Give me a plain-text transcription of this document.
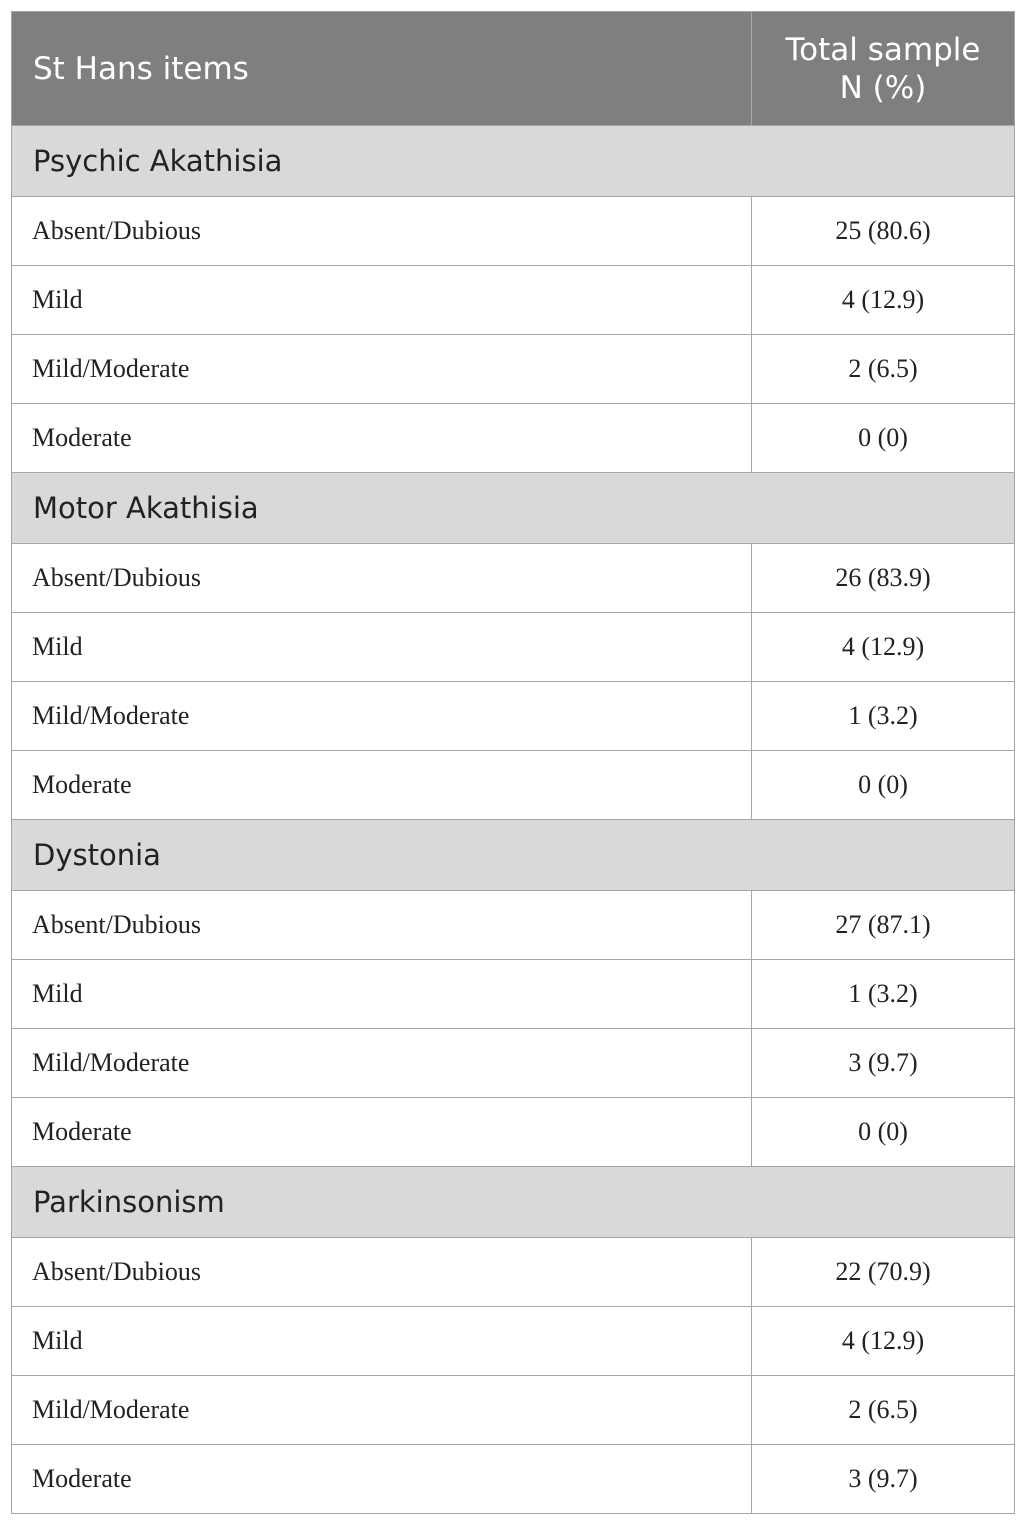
St Hans items	Total sample
N (%)
Psychic Akathisia	
Absent/Dubious	25 (80.6)
Mild	4 (12.9)
Mild/Moderate	2 (6.5)
Moderate	0 (0)
Motor Akathisia	
Absent/Dubious	26 (83.9)
Mild	4 (12.9)
Mild/Moderate	1 (3.2)
Moderate	0 (0)
Dystonia	
Absent/Dubious	27 (87.1)
Mild	1 (3.2)
Mild/Moderate	3 (9.7)
Moderate	0 (0)
Parkinsonism	
Absent/Dubious	22 (70.9)
Mild	4 (12.9)
Mild/Moderate	2 (6.5)
Moderate	3 (9.7)
